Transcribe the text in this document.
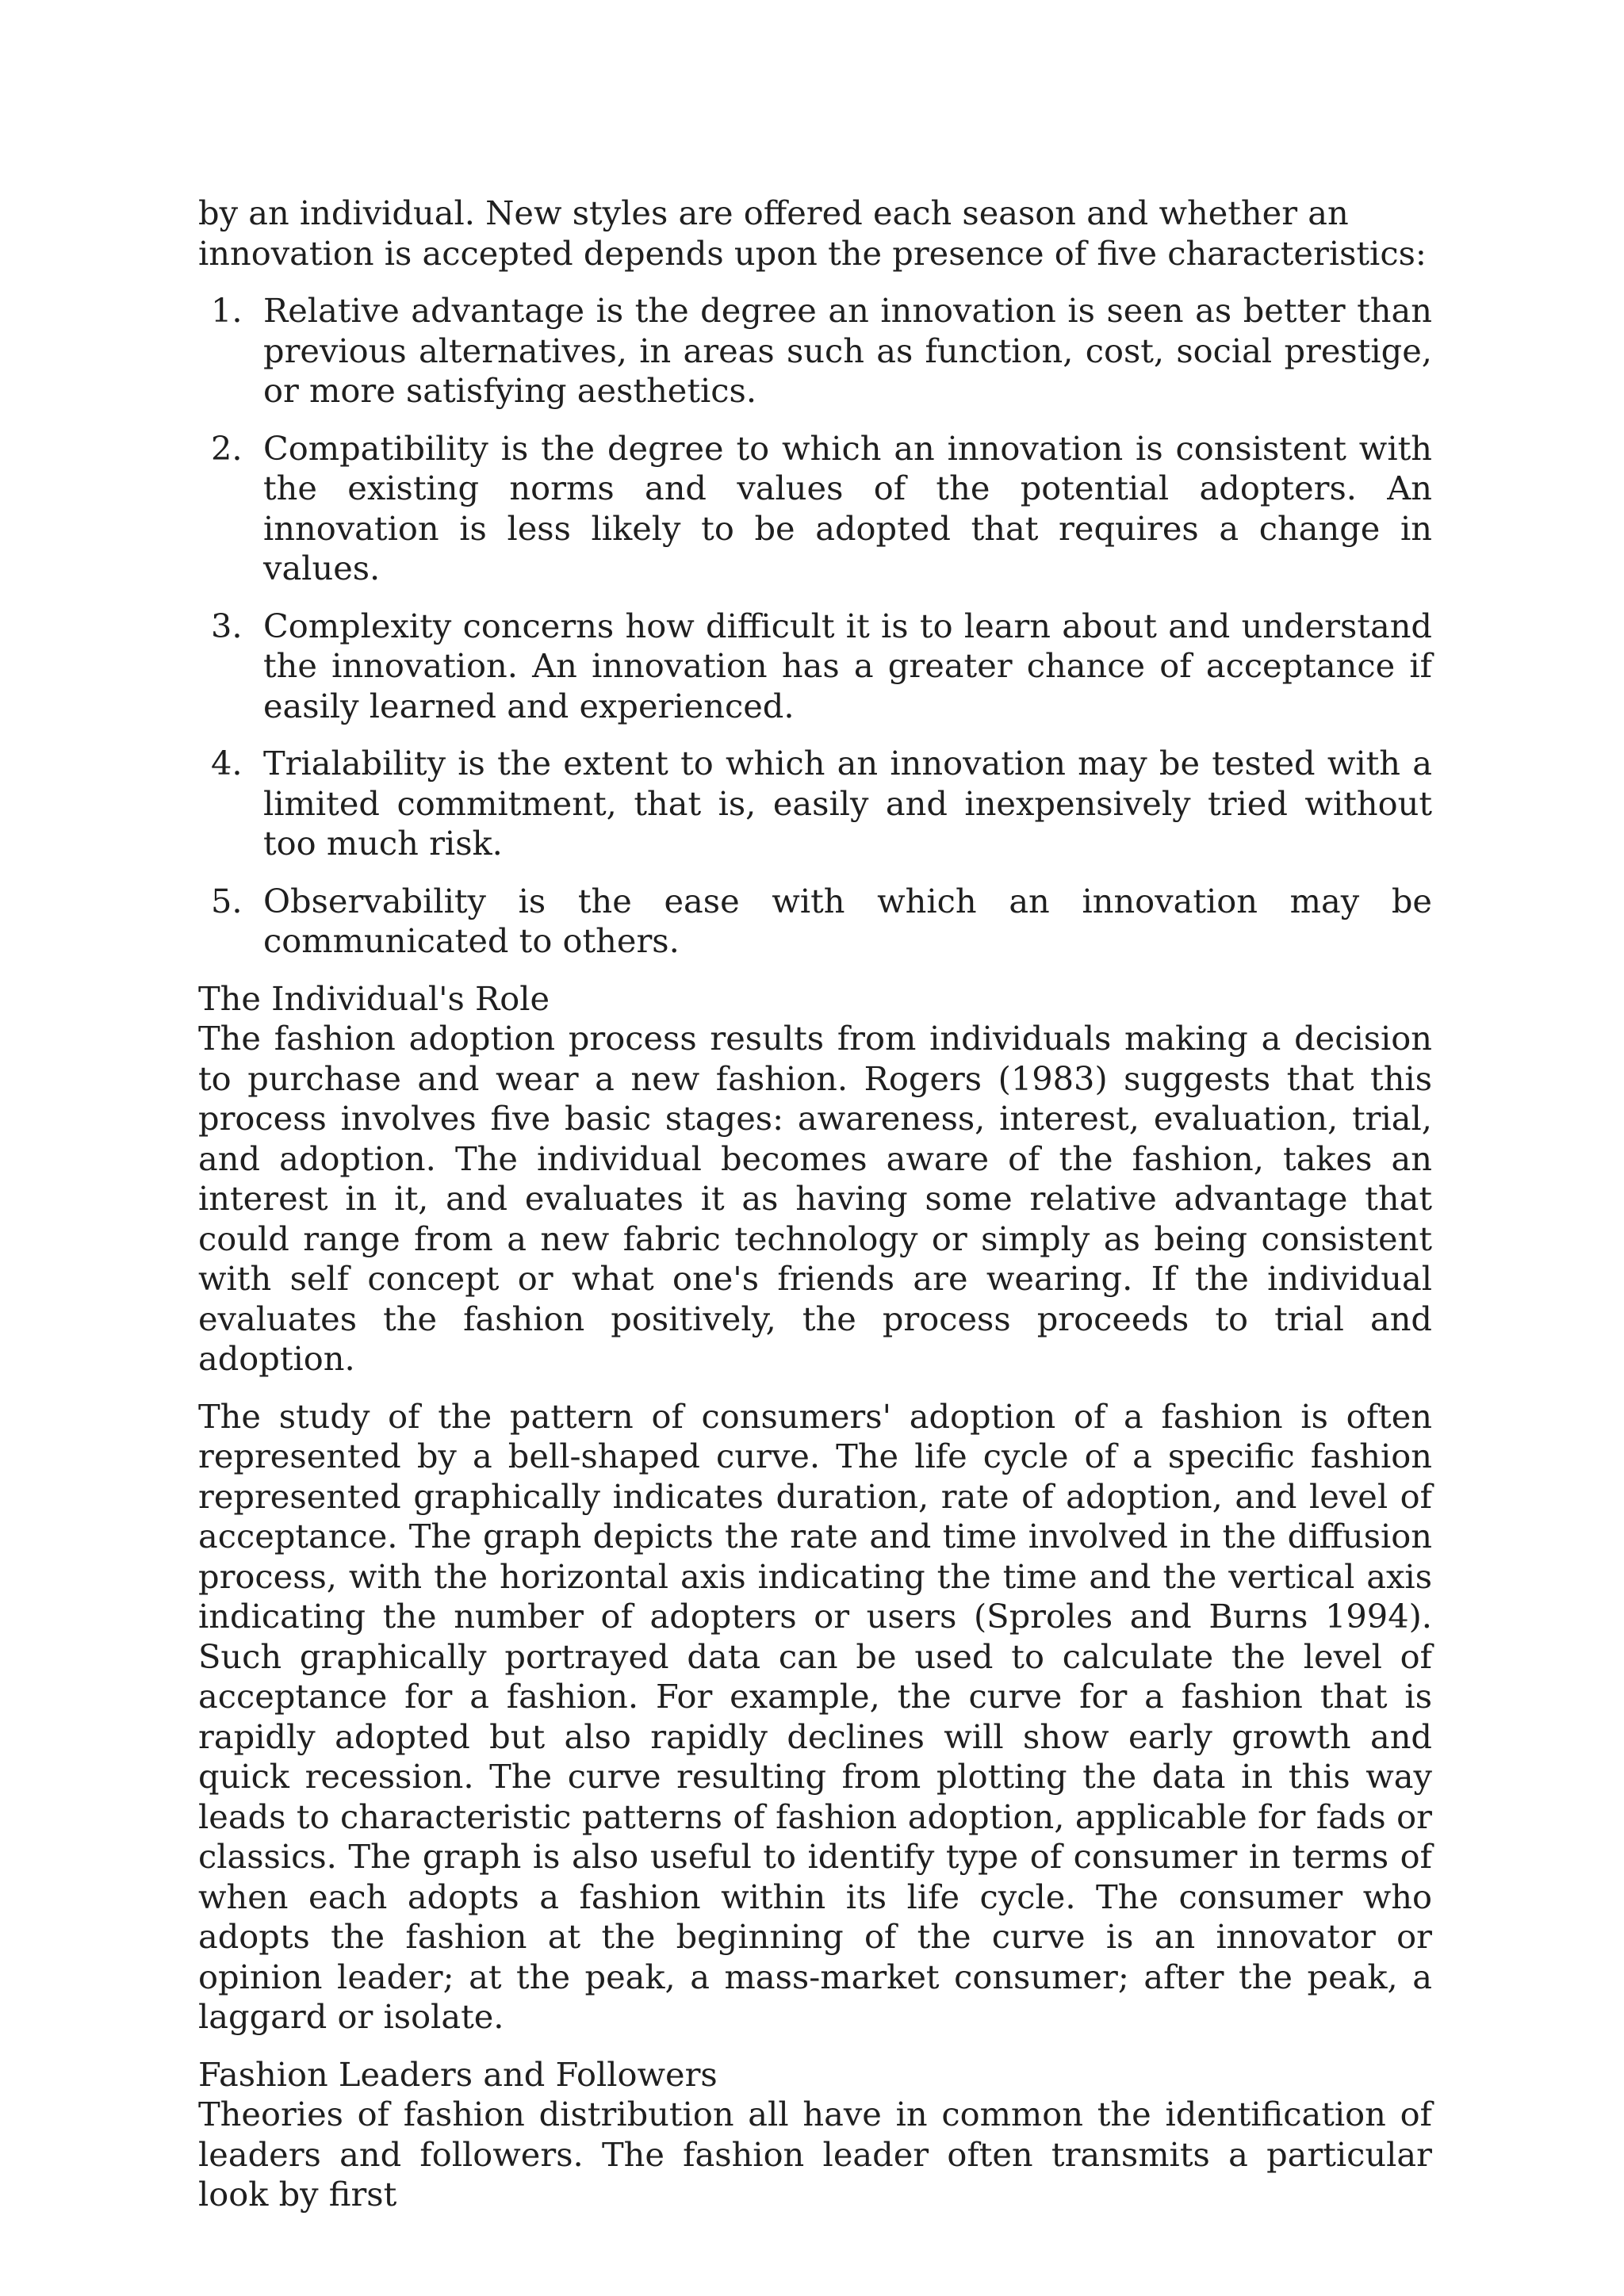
by an individual. New styles are offered each season and whether an innovation is accepted depends upon the presence of five characteristics:

1. Relative advantage is the degree an innovation is seen as better than previous alternatives, in areas such as function, cost, social prestige, or more satisfying aesthetics.
2. Compatibility is the degree to which an innovation is consistent with the existing norms and values of the potential adopters. An innovation is less likely to be adopted that requires a change in values.
3. Complexity concerns how difficult it is to learn about and understand the innovation. An innovation has a greater chance of acceptance if easily learned and experienced.
4. Trialability is the extent to which an innovation may be tested with a limited commitment, that is, easily and inexpensively tried without too much risk.
5. Observability is the ease with which an innovation may be communicated to others.
The Individual's Role

The fashion adoption process results from individuals making a decision to purchase and wear a new fashion. Rogers (1983) suggests that this process involves five basic stages: awareness, interest, evaluation, trial, and adoption. The individual becomes aware of the fashion, takes an interest in it, and evaluates it as having some relative advantage that could range from a new fabric technology or simply as being consistent with self concept or what one's friends are wearing. If the individual evaluates the fashion positively, the process proceeds to trial and adoption.

The study of the pattern of consumers' adoption of a fashion is often represented by a bell-shaped curve. The life cycle of a specific fashion represented graphically indicates duration, rate of adoption, and level of acceptance. The graph depicts the rate and time involved in the diffusion process, with the horizontal axis indicating the time and the vertical axis indicating the number of adopters or users (Sproles and Burns 1994). Such graphically portrayed data can be used to calculate the level of acceptance for a fashion. For example, the curve for a fashion that is rapidly adopted but also rapidly declines will show early growth and quick recession. The curve resulting from plotting the data in this way leads to characteristic patterns of fashion adoption, applicable for fads or classics. The graph is also useful to identify type of consumer in terms of when each adopts a fashion within its life cycle. The consumer who adopts the fashion at the beginning of the curve is an innovator or opinion leader; at the peak, a mass-market consumer; after the peak, a laggard or isolate.

Fashion Leaders and Followers

Theories of fashion distribution all have in common the identification of leaders and followers. The fashion leader often transmits a particular look by first
